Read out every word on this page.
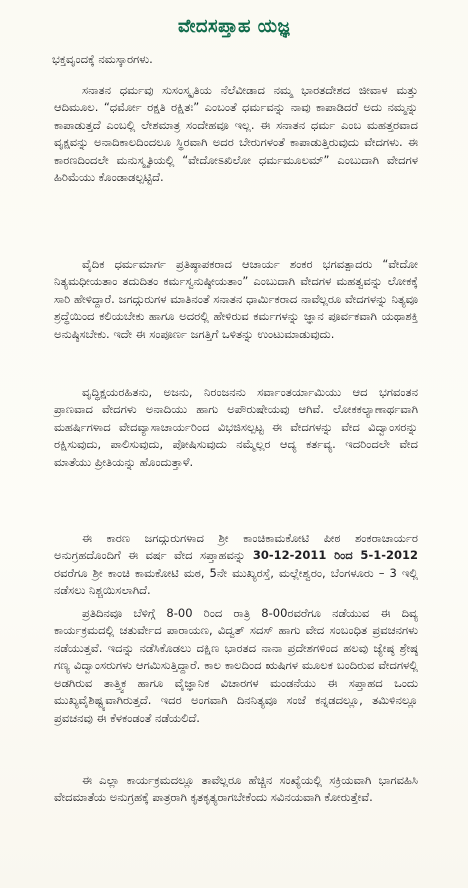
ವೇದಸಪ್ತಾಹ ಯಜ್ಞ
ಭಕ್ತವೃಂದಕ್ಕೆ ನಮಸ್ಕಾರಗಳು.

ಸನಾತನ ಧರ್ಮವು ಸುಸಂಸ್ಕೃತಿಯ ನೆಲೆವೀಡಾದ ನಮ್ಮ ಭಾರತದೇಶದ ಜೀವಾಳ ಮತ್ತು ಆದಿಮೂಲ. “ಧರ್ಮೋ ರಕ್ಷತಿ ರಕ್ಷಿತಃ” ಎಂಬಂತೆ ಧರ್ಮವನ್ನು ನಾವು ಕಾಪಾಡಿದರೆ ಅದು ನಮ್ಮನ್ನು ಕಾಪಾಡುತ್ತದೆ ಎಂಬಲ್ಲಿ ಲೇಶಮಾತ್ರ ಸಂದೇಹವೂ ಇಲ್ಲ. ಈ ಸನಾತನ ಧರ್ಮ ಎಂಬ ಮಹತ್ತರವಾದ ವೃಕ್ಷವನ್ನು ಅನಾದಿಕಾಲದಿಂದಲೂ ಸ್ಥಿರವಾಗಿ ಅದರ ಬೇರುಗಳಂತೆ ಕಾಪಾಡುತ್ತಿರುವುದು ವೇದಗಳು. ಈ ಕಾರಣದಿಂದಲೇ ಮನುಸ್ಮೃತಿಯಲ್ಲಿ “ವೇದೋಽಖಿಲೋ ಧರ್ಮಮೂಲಮ್” ಎಂಬುದಾಗಿ ವೇದಗಳ ಹಿರಿಮೆಯು ಕೊಂಡಾಡಲ್ಪಟ್ಟಿದೆ.

ವೈದಿಕ ಧರ್ಮಮಾರ್ಗ ಪ್ರತಿಷ್ಠಾಪಕರಾದ ಆಚಾರ್ಯ ಶಂಕರ ಭಗವತ್ಪಾದರು “ವೇದೋ ನಿತ್ಯಮಧೀಯತಾಂ ತದುದಿತಂ ಕರ್ಮಸ್ವನುಷ್ಠೀಯತಾಂ” ಎಂಬುದಾಗಿ ವೇದಗಳ ಮಹತ್ವವನ್ನು ಲೋಕಕ್ಕೆ ಸಾರಿ ಹೇಳಿದ್ದಾರೆ. ಜಗದ್ಗುರುಗಳ ಮಾತಿನಂತೆ ಸನಾತನ ಧಾರ್ಮಿಕರಾದ ನಾವೆಲ್ಲರೂ ವೇದಗಳನ್ನು ನಿತ್ಯವೂ ಶ್ರದ್ಧೆಯಿಂದ ಕಲಿಯಬೇಕು ಹಾಗೂ ಅದರಲ್ಲಿ ಹೇಳಿರುವ ಕರ್ಮಗಳನ್ನು ಜ್ಞಾನ ಪೂರ್ವಕವಾಗಿ ಯಥಾಶಕ್ತಿ ಅನುಷ್ಠಿಸಬೇಕು. ಇದೇ ಈ ಸಂಪೂರ್ಣ ಜಗತ್ತಿಗೆ ಒಳಿತನ್ನು ಉಂಟುಮಾಡುವುದು.

ವೃದ್ಧಿಕ್ಷಯರಹಿತನು, ಅಜನು, ನಿರಂಜನನು ಸರ್ವಾಂತರ್ಯಾಮಿಯು ಆದ ಭಗವಂತನ ಪ್ರಾಣವಾದ ವೇದಗಳು ಅನಾದಿಯು ಹಾಗು ಅಪೌರುಷೇಯವು ಆಗಿವೆ. ಲೋಕಕಲ್ಯಾಣಾರ್ಥವಾಗಿ ಮಹರ್ಷಿಗಳಾದ ವೇದವ್ಯಾಸಾಚಾರ್ಯರಿಂದ ವಿಭಜಿಸಲ್ಪಟ್ಟ ಈ ವೇದಗಳನ್ನು ವೇದ ವಿದ್ವಾಂಸರನ್ನು ರಕ್ಷಿಸುವುದು, ಪಾಲಿಸುವುದು, ಪೋಷಿಸುವುದು ನಮ್ಮೆಲ್ಲರ ಆದ್ಯ ಕರ್ತವ್ಯ. ಇದರಿಂದಲೇ ವೇದ ಮಾತೆಯು ಪ್ರೀತಿಯನ್ನು ಹೊಂದುತ್ತಾಳೆ.

ಈ ಕಾರಣ ಜಗದ್ಗುರುಗಳಾದ ಶ್ರೀ ಕಾಂಚಿಕಾಮಕೋಟಿ ಪೀಠ ಶಂಕರಾಚಾರ್ಯರ ಅನುಗ್ರಹದೊಂದಿಗೆ ಈ ವರ್ಷ ವೇದ ಸಪ್ತಾಹವನ್ನು 30-12-2011 ರಿಂದ 5-1-2012 ರವರೆಗೂ ಶ್ರೀ ಕಾಂಚಿ ಕಾಮಕೋಟಿ ಮಠ, 5ನೇ ಮುಖ್ಯರಸ್ತೆ, ಮಲ್ಲೇಶ್ವರಂ, ಬೆಂಗಳೂರು – 3 ಇಲ್ಲಿ ನಡೆಸಲು ನಿಶ್ಚಯಿಸಲಾಗಿದೆ.

ಪ್ರತಿದಿನವೂ ಬೆಳಿಗ್ಗೆ 8-00 ರಿಂದ ರಾತ್ರಿ 8-00ರವರೆಗೂ ನಡೆಯುವ ಈ ದಿವ್ಯ ಕಾರ್ಯಕ್ರಮದಲ್ಲಿ ಚತುರ್ವೇದ ಪಾರಾಯಣ, ವಿದ್ವತ್ ಸದಸ್ ಹಾಗು ವೇದ ಸಂಬಂಧಿತ ಪ್ರವಚನಗಳು ನಡೆಯುತ್ತವೆ. ಇದನ್ನು ನಡೆಸಿಕೊಡಲು ದಕ್ಷಿಣ ಭಾರತದ ನಾನಾ ಪ್ರದೇಶಗಳಿಂದ ಹಲವು ಜ್ಯೇಷ್ಠ ಶ್ರೇಷ್ಠ ಗಣ್ಯ ವಿದ್ವಾಂಸರುಗಳು ಆಗಮಿಸುತ್ತಿದ್ದಾರೆ. ಕಾಲ ಕಾಲದಿಂದ ಋಷಿಗಳ ಮೂಲಕ ಬಂದಿರುವ ವೇದಗಳಲ್ಲಿ ಅಡಗಿರುವ ತಾತ್ತ್ವಿಕ ಹಾಗೂ ವೈಜ್ಞಾನಿಕ ವಿಚಾರಗಳ ಮಂಡನೆಯು ಈ ಸಪ್ತಾಹದ ಒಂದು ಮುಖ್ಯವೈಶಿಷ್ಟ್ಯವಾಗಿರುತ್ತದೆ. ಇದರ ಅಂಗವಾಗಿ ದಿನನಿತ್ಯವೂ ಸಂಜೆ ಕನ್ನಡದಲ್ಲೂ, ತಮಿಳಿನಲ್ಲೂ ಪ್ರವಚನವು ಈ ಕೆಳಕಂಡಂತೆ ನಡೆಯಲಿದೆ.

ಈ ಎಲ್ಲಾ ಕಾರ್ಯಕ್ರಮದಲ್ಲೂ ತಾವೆಲ್ಲರೂ ಹೆಚ್ಚಿನ ಸಂಖ್ಯೆಯಲ್ಲಿ ಸಕ್ರಿಯವಾಗಿ ಭಾಗವಹಿಸಿ ವೇದಮಾತೆಯ ಅನುಗ್ರಹಕ್ಕೆ ಪಾತ್ರರಾಗಿ ಕೃತಕೃತ್ಯರಾಗಬೇಕೆಂದು ಸವಿನಯವಾಗಿ ಕೋರುತ್ತೇವೆ.
